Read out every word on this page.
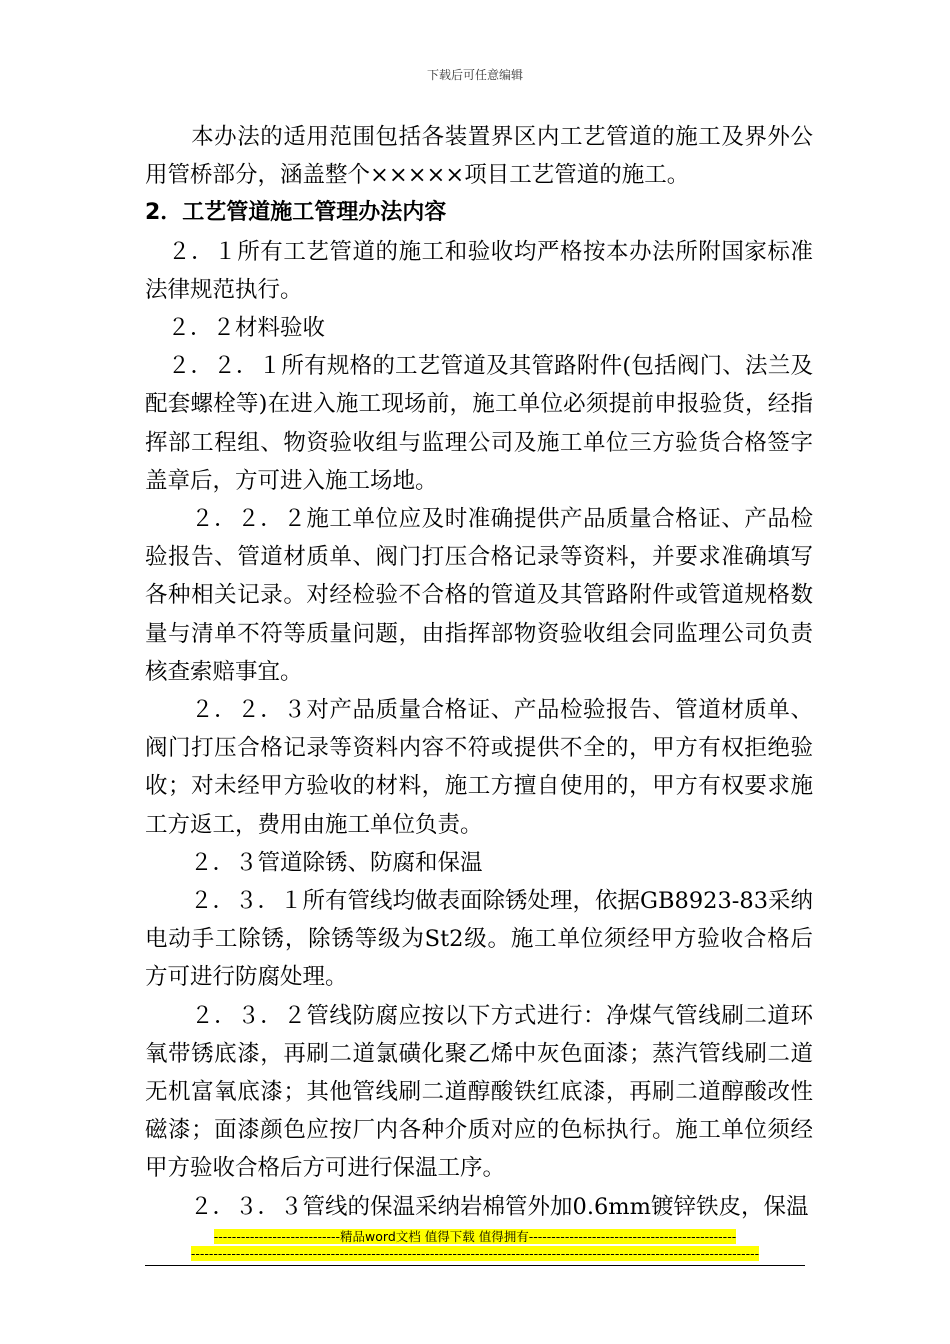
下载后可任意编辑

　　本办法的适用范围包括各装置界区内工艺管道的施工及界外公用管桥部分，涵盖整个×××××项目工艺管道的施工。

2．工艺管道施工管理办法内容

　２．１所有工艺管道的施工和验收均严格按本办法所附国家标准法律规范执行。

　２．２材料验收

　２．２．１所有规格的工艺管道及其管路附件(包括阀门、法兰及配套螺栓等)在进入施工现场前，施工单位必须提前申报验货，经指挥部工程组、物资验收组与监理公司及施工单位三方验货合格签字盖章后，方可进入施工场地。

　　２．２．２施工单位应及时准确提供产品质量合格证、产品检验报告、管道材质单、阀门打压合格记录等资料，并要求准确填写各种相关记录。对经检验不合格的管道及其管路附件或管道规格数量与清单不符等质量问题，由指挥部物资验收组会同监理公司负责核查索赔事宜。

　　２．２．３对产品质量合格证、产品检验报告、管道材质单、阀门打压合格记录等资料内容不符或提供不全的，甲方有权拒绝验收；对未经甲方验收的材料，施工方擅自使用的，甲方有权要求施工方返工，费用由施工单位负责。

　　２．３管道除锈、防腐和保温

　　２．３．１所有管线均做表面除锈处理，依据GB8923-83采纳电动手工除锈，除锈等级为St2级。施工单位须经甲方验收合格后方可进行防腐处理。

　　２．３．２管线防腐应按以下方式进行：净煤气管线刷二道环氧带锈底漆，再刷二道氯磺化聚乙烯中灰色面漆；蒸汽管线刷二道无机富氧底漆；其他管线刷二道醇酸铁红底漆，再刷二道醇酸改性磁漆；面漆颜色应按厂内各种介质对应的色标执行。施工单位须经甲方验收合格后方可进行保温工序。

　　２．３．３管线的保温采纳岩棉管外加0.6mm镀锌铁皮，保温

----------------------------精品word文档 值得下载 值得拥有----------------------------------------------
------------------------------------------------------------------------------------------------------------------------------
